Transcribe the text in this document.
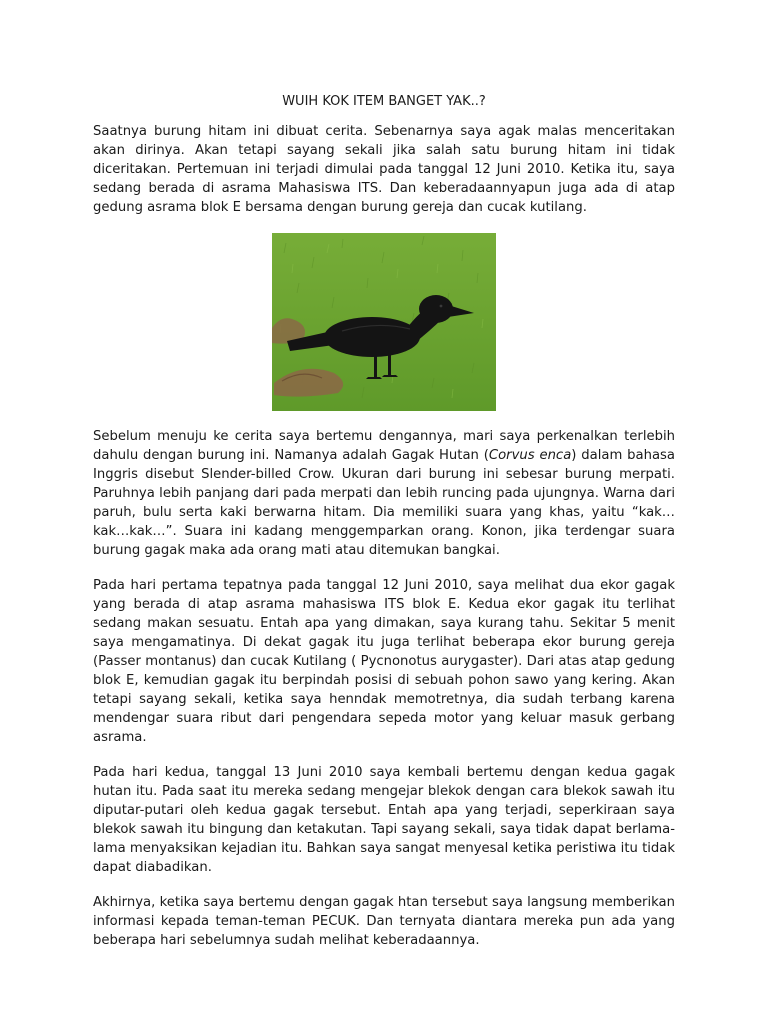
WUIH KOK ITEM BANGET YAK..?

Saatnya burung hitam ini dibuat cerita. Sebenarnya saya agak malas menceritakan akan dirinya. Akan tetapi sayang sekali jika salah satu burung hitam ini tidak diceritakan. Pertemuan ini terjadi dimulai pada tanggal 12 Juni 2010. Ketika itu, saya sedang berada di asrama Mahasiswa ITS. Dan keberadaannyapun juga ada di atap gedung asrama blok E bersama dengan burung gereja dan cucak kutilang.

Sebelum menuju ke cerita saya bertemu dengannya, mari saya perkenalkan terlebih dahulu dengan burung ini. Namanya adalah Gagak Hutan (Corvus enca) dalam bahasa Inggris disebut Slender-billed Crow. Ukuran dari burung ini sebesar burung merpati. Paruhnya lebih panjang dari pada merpati dan lebih runcing pada ujungnya. Warna dari paruh, bulu serta kaki berwarna hitam. Dia memiliki suara yang khas, yaitu “kak…kak…kak…”. Suara ini kadang menggemparkan orang. Konon, jika terdengar suara burung gagak maka ada orang mati atau ditemukan bangkai.

Pada hari pertama tepatnya pada tanggal 12 Juni 2010, saya melihat dua ekor gagak yang berada di atap asrama mahasiswa ITS blok E. Kedua ekor gagak itu terlihat sedang makan sesuatu. Entah apa yang dimakan, saya kurang tahu. Sekitar 5 menit saya mengamatinya. Di dekat gagak itu juga terlihat beberapa ekor burung gereja (Passer montanus) dan cucak Kutilang ( Pycnonotus aurygaster). Dari atas atap gedung blok E, kemudian gagak itu berpindah posisi di sebuah pohon sawo yang kering. Akan tetapi sayang sekali, ketika saya henndak memotretnya, dia sudah terbang karena mendengar suara ribut dari pengendara sepeda motor yang keluar masuk gerbang asrama.

Pada hari kedua, tanggal 13 Juni 2010 saya kembali bertemu dengan kedua gagak hutan itu. Pada saat itu mereka sedang mengejar blekok dengan cara blekok sawah itu diputar-putari oleh kedua gagak tersebut. Entah apa yang terjadi, seperkiraan saya blekok sawah itu bingung dan ketakutan. Tapi sayang sekali, saya tidak dapat berlama-lama menyaksikan kejadian itu. Bahkan saya sangat menyesal ketika peristiwa itu tidak dapat diabadikan.

Akhirnya, ketika saya bertemu dengan gagak htan tersebut saya langsung memberikan informasi kepada teman-teman PECUK. Dan ternyata diantara mereka pun ada yang beberapa hari sebelumnya sudah melihat keberadaannya.
